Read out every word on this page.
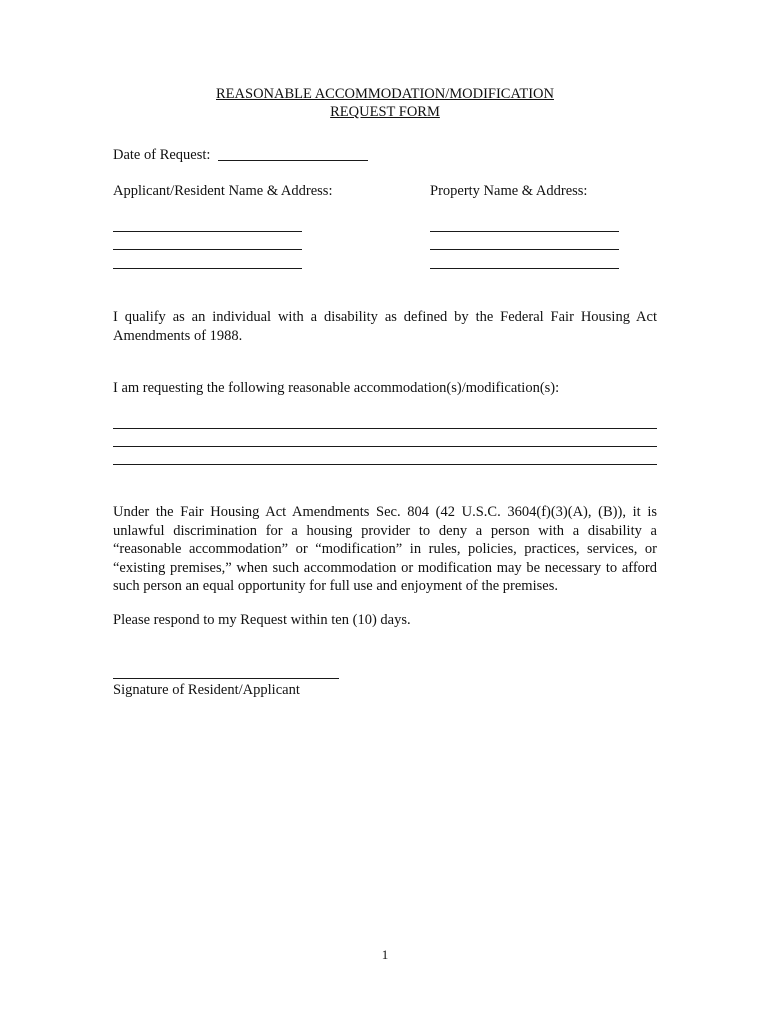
REASONABLE ACCOMMODATION/MODIFICATION
REQUEST FORM
Date of Request:
Applicant/Resident Name & Address:	Property Name & Address:
I qualify as an individual with a disability as defined by the Federal Fair Housing Act Amendments of 1988.
I am requesting the following reasonable accommodation(s)/modification(s):
Under the Fair Housing Act Amendments Sec. 804 (42 U.S.C. 3604(f)(3)(A), (B)), it is unlawful discrimination for a housing provider to deny a person with a disability a “reasonable accommodation” or “modification” in rules, policies, practices, services, or “existing premises,” when such accommodation or modification may be necessary to afford such person an equal opportunity for full use and enjoyment of the premises.
Please respond to my Request within ten (10) days.
Signature of Resident/Applicant
1
